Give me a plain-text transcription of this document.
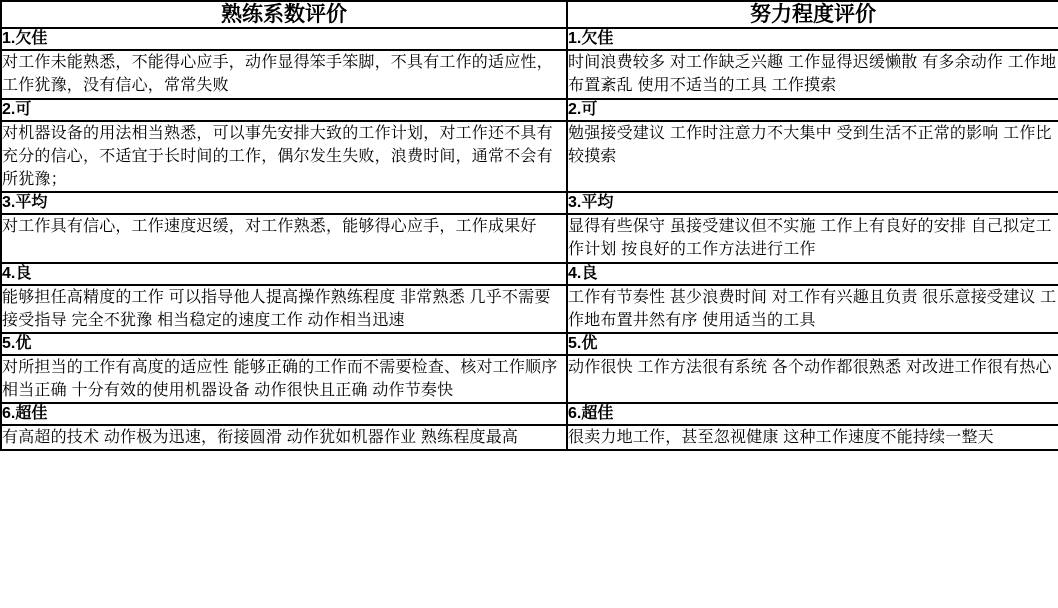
熟练系数评价	努力程度评价
1.欠佳	1.欠佳
对工作未能熟悉，不能得心应手，动作显得笨手笨脚，不具有工作的适应性，工作犹豫，没有信心，常常失败	时间浪费较多 对工作缺乏兴趣 工作显得迟缓懒散 有多余动作 工作地布置紊乱 使用不适当的工具 工作摸索
2.可	2.可
对机器设备的用法相当熟悉，可以事先安排大致的工作计划，对工作还不具有充分的信心，不适宜于长时间的工作，偶尔发生失败，浪费时间，通常不会有所犹豫；	勉强接受建议 工作时注意力不大集中 受到生活不正常的影响 工作比较摸索
3.平均	3.平均
对工作具有信心，工作速度迟缓，对工作熟悉，能够得心应手，工作成果好	显得有些保守 虽接受建议但不实施 工作上有良好的安排 自己拟定工作计划 按良好的工作方法进行工作
4.良	4.良
能够担任高精度的工作 可以指导他人提高操作熟练程度 非常熟悉 几乎不需要接受指导 完全不犹豫 相当稳定的速度工作 动作相当迅速	工作有节奏性 甚少浪费时间 对工作有兴趣且负责 很乐意接受建议 工作地布置井然有序 使用适当的工具
5.优	5.优
对所担当的工作有高度的适应性 能够正确的工作而不需要检查、核对工作顺序相当正确 十分有效的使用机器设备 动作很快且正确 动作节奏快	动作很快 工作方法很有系统 各个动作都很熟悉 对改进工作很有热心
6.超佳	6.超佳
有高超的技术 动作极为迅速，衔接圆滑 动作犹如机器作业 熟练程度最高	很卖力地工作，甚至忽视健康 这种工作速度不能持续一整天
